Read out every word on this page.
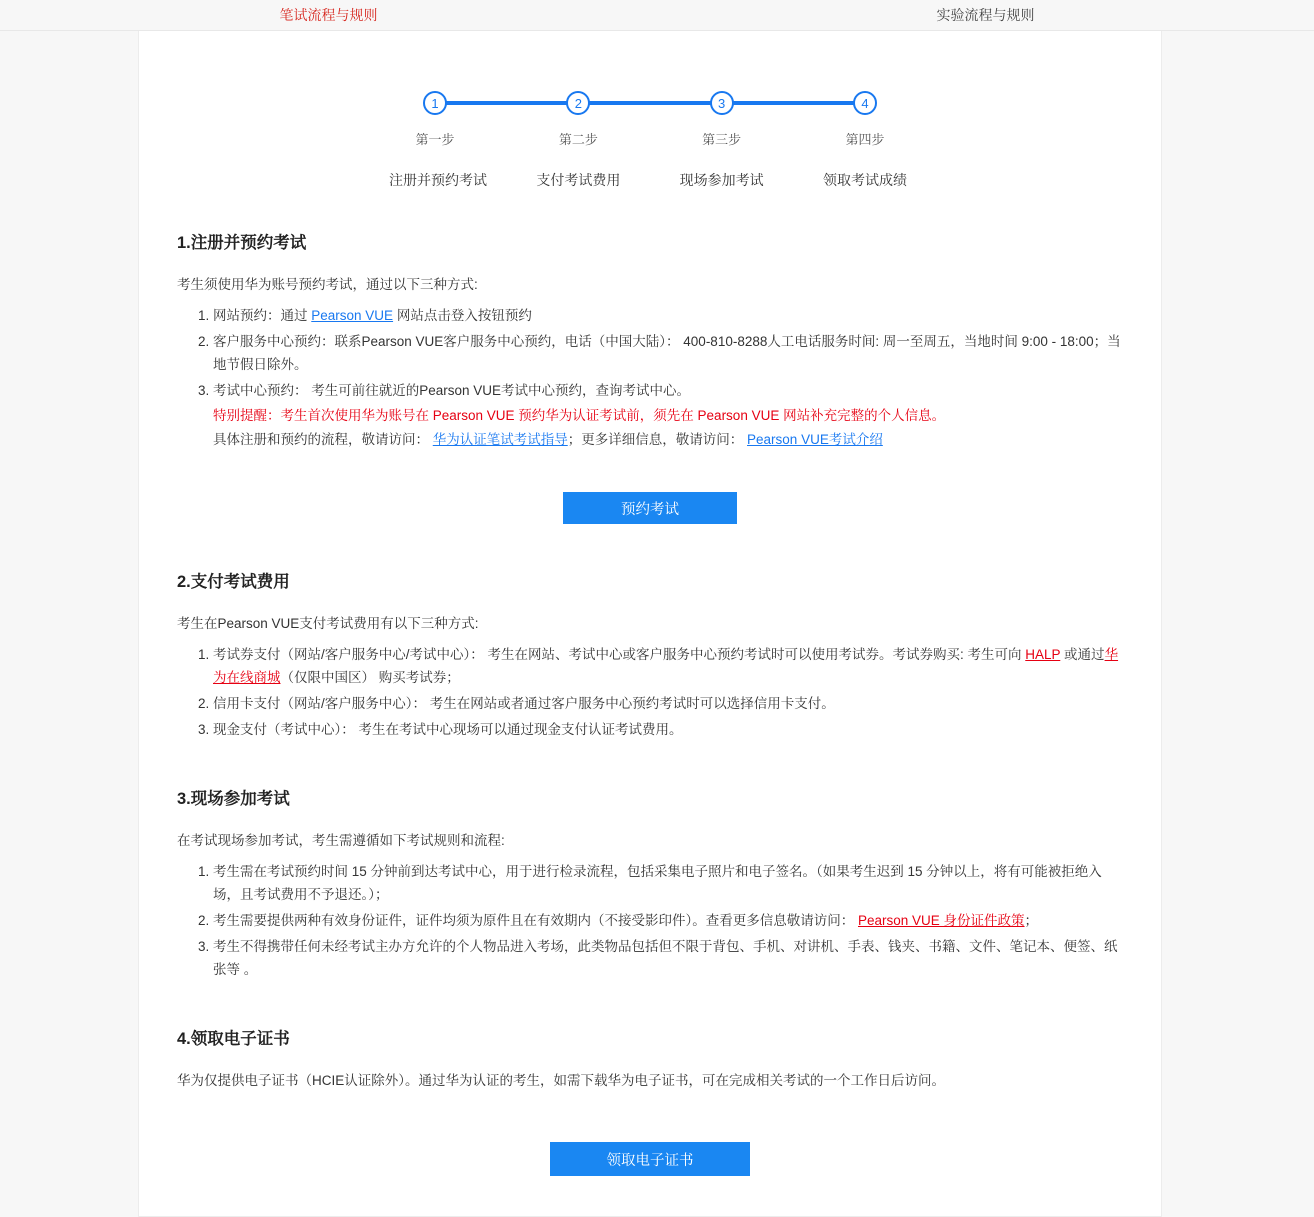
笔试流程与规则	实验流程与规则
1
第一步
注册并预约考试
2
第二步
支付考试费用
3
第三步
现场参加考试
4
第四步
领取考试成绩
1.注册并预约考试

考生须使用华为账号预约考试，通过以下三种方式:

1. 网站预约：通过 Pearson VUE 网站点击登入按钮预约
2. 客户服务中心预约：联系Pearson VUE客户服务中心预约，电话（中国大陆）： 400-810-8288人工电话服务时间: 周一至周五，当地时间 9:00 - 18:00；当地节假日除外。
3. 考试中心预约： 考生可前往就近的Pearson VUE考试中心预约，查询考试中心。
特别提醒：考生首次使用华为账号在 Pearson VUE 预约华为认证考试前，须先在 Pearson VUE 网站补充完整的个人信息。
具体注册和预约的流程，敬请访问： 华为认证笔试考试指导；更多详细信息，敬请访问： Pearson VUE考试介绍
预约考试
2.支付考试费用

考生在Pearson VUE支付考试费用有以下三种方式:

1. 考试券支付（网站/客户服务中心/考试中心）： 考生在网站、考试中心或客户服务中心预约考试时可以使用考试券。考试券购买: 考生可向 HALP 或通过华为在线商城（仅限中国区） 购买考试券；
2. 信用卡支付（网站/客户服务中心）： 考生在网站或者通过客户服务中心预约考试时可以选择信用卡支付。
3. 现金支付（考试中心）： 考生在考试中心现场可以通过现金支付认证考试费用。
3.现场参加考试

在考试现场参加考试，考生需遵循如下考试规则和流程:

1. 考生需在考试预约时间 15 分钟前到达考试中心，用于进行检录流程，包括采集电子照片和电子签名。（如果考生迟到 15 分钟以上，将有可能被拒绝入场，且考试费用不予退还。）；
2. 考生需要提供两种有效身份证件，证件均须为原件且在有效期内（不接受影印件）。查看更多信息敬请访问： Pearson VUE 身份证件政策；
3. 考生不得携带任何未经考试主办方允许的个人物品进入考场，此类物品包括但不限于背包、手机、对讲机、手表、钱夹、书籍、文件、笔记本、便签、纸张等 。
4.领取电子证书

华为仅提供电子证书（HCIE认证除外）。通过华为认证的考生，如需下载华为电子证书，可在完成相关考试的一个工作日后访问。

领取电子证书
